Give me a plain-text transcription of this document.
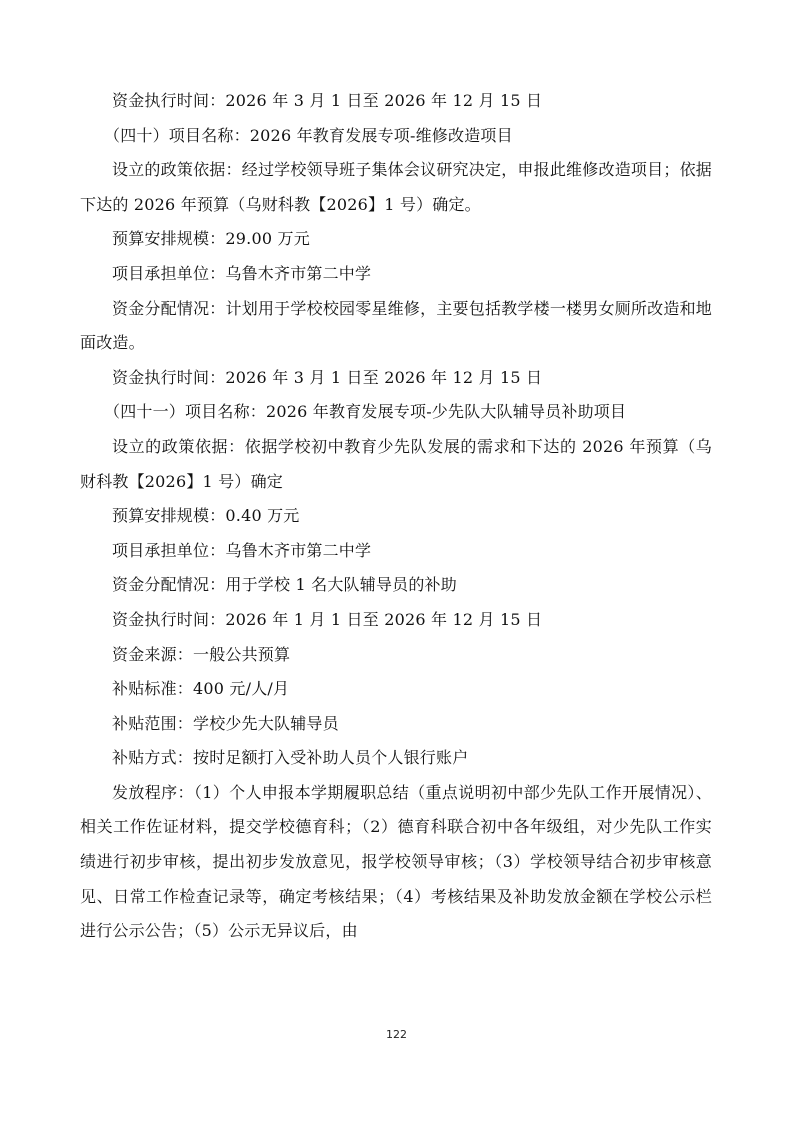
资金执行时间：2026 年 3 月 1 日至 2026 年 12 月 15 日

（四十）项目名称：2026 年教育发展专项-维修改造项目

设立的政策依据：经过学校领导班子集体会议研究决定，申报此维修改造项目；依据下达的 2026 年预算（乌财科教【2026】1 号）确定。

预算安排规模：29.00 万元

项目承担单位：乌鲁木齐市第二中学

资金分配情况：计划用于学校校园零星维修，主要包括教学楼一楼男女厕所改造和地面改造。

资金执行时间：2026 年 3 月 1 日至 2026 年 12 月 15 日

（四十一）项目名称：2026 年教育发展专项-少先队大队辅导员补助项目

设立的政策依据：依据学校初中教育少先队发展的需求和下达的 2026 年预算（乌财科教【2026】1 号）确定

预算安排规模：0.40 万元

项目承担单位：乌鲁木齐市第二中学

资金分配情况：用于学校 1 名大队辅导员的补助

资金执行时间：2026 年 1 月 1 日至 2026 年 12 月 15 日

资金来源：一般公共预算

补贴标准：400 元/人/月

补贴范围：学校少先大队辅导员

补贴方式：按时足额打入受补助人员个人银行账户

发放程序：（1）个人申报本学期履职总结（重点说明初中部少先队工作开展情况）、相关工作佐证材料，提交学校德育科；（2）德育科联合初中各年级组，对少先队工作实绩进行初步审核，提出初步发放意见，报学校领导审核；（3）学校领导结合初步审核意见、日常工作检查记录等，确定考核结果；（4）考核结果及补助发放金额在学校公示栏进行公示公告；（5）公示无异议后，由

122
